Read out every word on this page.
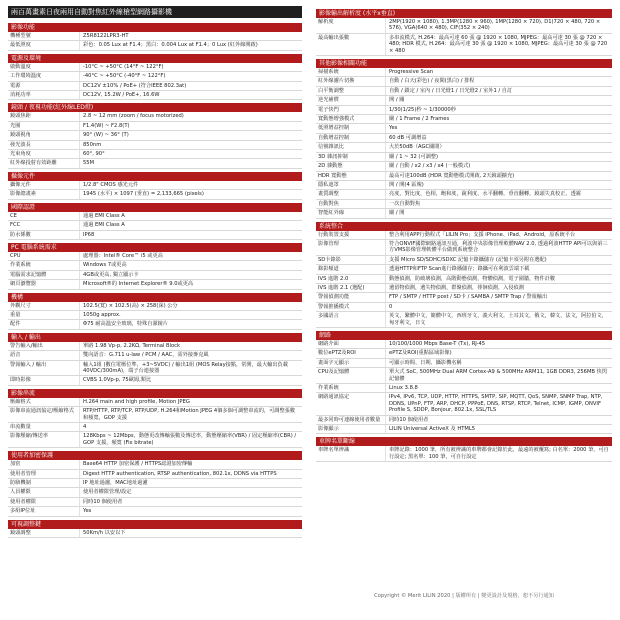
兩百萬畫素日夜兩用自動對焦紅外線槍型網路攝影機
影像功能
機種型號	Z5R8122LPR3-HT
最低照度	彩色：0.05 Lux at F1.4；黑白：0.004 Lux at F1.4；0 Lux (紅外線開啟)
電源及環境
啟動溫度	-10°C ~ +50°C (14°F ~ 122°F)
工作環境溫度	-40°C ~ +50°C (-40°F ~ 122°F)
電源	DC12V ±10% / PoE+ (符合IEEE 802.3at)
消耗功率	DC12V, 15.2W / PoE+, 16.6W
鏡頭 / 夜視功能(紅外線LED燈)
鏡頭焦距	2.8 ~ 12 mm (zoom / focus motorized)
光圈	F1.4(W) ~ F2.8(T)
鏡頭視角	90° (W) ~ 36° (T)
發光波長	850nm
光束角度	60°, 90°
紅外線投射有效距離	55M
攝像元件
攝像元件	1/2.8" CMOS 感光元件
影像總畫素	1945 (水平) × 1097 (垂直) = 2,133,665 (pixels)
國際認證
CE	通過 EMI Class A
FCC	通過 EMI Class A
防水係數	IP68
PC 電腦系統需求
CPU	處理器：Intel® Core™ i5 或更高
作業系統	Windows 7或更高
電腦需求記憶體	4GB或更高, 獨立顯示卡
網頁瀏覽器	Microsoft®的 Internet Explorer® 9.0或更高
機構
外觀尺寸	102.5(寬) × 102.5(高) × 258(深) 公分
重量	1050g approx.
配件	Φ75 耐高溫安全玻璃，特殊自潔鏡片
輸入 / 輸出
警告輸入/輸出	單路 1.98 Vp-p, 2.2KΩ, Terminal Block
語音	雙向語音：G.711 u-law / PCM / AAC，需外接麥克風
警報輸入 / 輸出	輸入1組 (數位電壓位準，+3~5VDC) / 輸出1組 (MOS Relay接點，常開，最大輸出負載 40VDC/300mA)，端子台連接器
即時影像	CVBS 1.0Vp-p, 75歐姆,類比
影像串流
壓縮格式	H.264 main and high profile, Motion JPEG
影像串流通訊協定/壓縮格式	RTP/HTTP, RTP/TCP, RTP/UDP, H.264和Motion JPEG 4個多個可調整串流的，可調整張數和頻寬，GOP 支援
串流數量	4
影像壓縮/傳送率	128Kbps ~ 12Mbps，動態更改傳輸張數及傳送率，動態壓縮率(VBR) / 固定壓縮率(CBR) / GOP 支援，頻寬 (Fix bitrate)
使用者加密保護
加密	Base64 HTTP 加密保護 / HTTPS認證加密傳輸
使用者管理	Digest HTTP authentication, RTSP authentication, 802.1x, DDNS via HTTPS
防駭機制	IP 地址過濾，MAC地址過濾
人員權限	使用者權限管理/設定
使用者權限	同時10 個使用者
多組IP位址	Yes
可視調整鍵
鏡頭調整	50Km/h 以安以下
影像輸出解析度 (水平x垂直)
解析度	2MP(1920 × 1080), 1.3MP(1280 × 960), 1MP(1280 × 720), D1(720 × 480, 720 × 576), VGA(640 × 480), CIF(352 × 240)
最高輸出張數	多串流模式, H.264：最高可達 60 張 @ 1920 × 1080, MJPEG：最高可達 30 張 @ 720 × 480; HDR 模式, H.264：最高可達 30 張 @ 1920 × 1080, MJPEG：最高可達 30 張 @ 720 × 480
其他影像相關功能
掃描系統	Progressive Scan
紅外線濾片切換	自動 / 白天(彩色) / 夜間(黑白) / 排程
白平衡調整	自動 / 鎖定 / 室內 / 日光燈1 / 日光燈2 / 室外1 / 自訂
逆光補償	開 / 關
電子快門	1/30(1/25)秒 ~ 1/30000秒
寬動態增強模式	關 / 1 Frame / 2 Frames
低照增益控制	Yes
自動增益控制	60 dB 可調增益
信號雜訊比	大於50dB（AGC關閉）
3D 雜訊抑制	關 / 1 ~ 32 (可調整)
2D 雜動態	關 / 自動 / x2 / x3 / x4 (一般模式)
HDR 寬動態	最高可達100dB (HDR 寬動態模式開啟, 2天鏡頭擴充)
隱私遮罩	開 / 開(4 區塊)
畫質調整	亮度，對比度，色相，飽和度，銳利度，水平翻轉，垂直翻轉，鏡頭失真校正，透霧
自動對焦	一次自動對焦
智能紅外線	關 / 開
系統整合
行動裝置支援	整合利用APP行動程式「LILIN Pro」支援 iPhone、iPad、Android，原系統平台
影像管理	符合ONVIF國際網路通訊互通，利波中央影像管理軟體NAV 2.0, 透過利波HTTP API可以與第三方VMS影像管理軟體平台做到系統整合
SD卡錄影	支援 Micro SD/SDHC/SDXC 記憶卡錄攝儲存 (記憶卡須另附在選配)
錄影頻道	透過HTTP和FTP Scan進行錄播儲存；錄攝可在利波雲端下載
IVS 進階 2.0	動態偵測，防破壞偵測，高階動態偵測，物體偵測，電子圍牆，物件計數
IVS 進階 2.1 (選配)	遺留物偵測，遺失物偵測，群聚偵測，徘徊偵測，入侵偵測
警報偵測功能	FTP / SMTP / HTTP post / SD卡 / SAMBA / SMTP Trap / 警報輸出
警報推播模式	0
多國語言	英文，繁體中文，簡體中文，西班牙文，義大利文，土耳其文，俄文，韓文，法文，阿拉伯文，匈牙利文，日文
網路
網路介面	10/100/1000 Mbps Base-T (Tx), RJ-45
數位ePTZ及ROI	ePTZ及ROI(重點區域影像)
畫面字元顯示	可顯示時間、日期、攝影機名稱
CPU及記憶體	單大式 SoC, 500MHz Dual ARM Cortex-A9 & 500MHz ARM11, 1GB DDR3, 256MB 快閃記憶體
作業系統	Linux 3.8.8
網路通訊協定	IPv4, IPv6, TCP, UDP, HTTP, HTTPS, SMTP, SIP, MQTT, QoS, SNMP, SNMP Trap, NTP, DDNS, UPnP, FTP, ARP, DHCP, PPPoE, DNS, RTSP, RTCP, Telnet, ICMP, IGMP, ONVIF Profile S, SDDP, Bonjour, 802.1x, SSL/TLS
最多同時可連線使用者數量	同時10 個使用者
影像顯示	LILIN Universal ActiveX 及 HTML5
車牌名單斷線
車牌名單辨識	車牌記錄：1000 筆，所有被辨識的車牌都會記錄於此，最遠的被覆寫; 白名單：2000 筆，可自行設定; 黑名單：100 筆，可自行設定
Copyright © Merit LILIN 2020 | 版權所有 | 變更設計及規格，恕不另行通知
